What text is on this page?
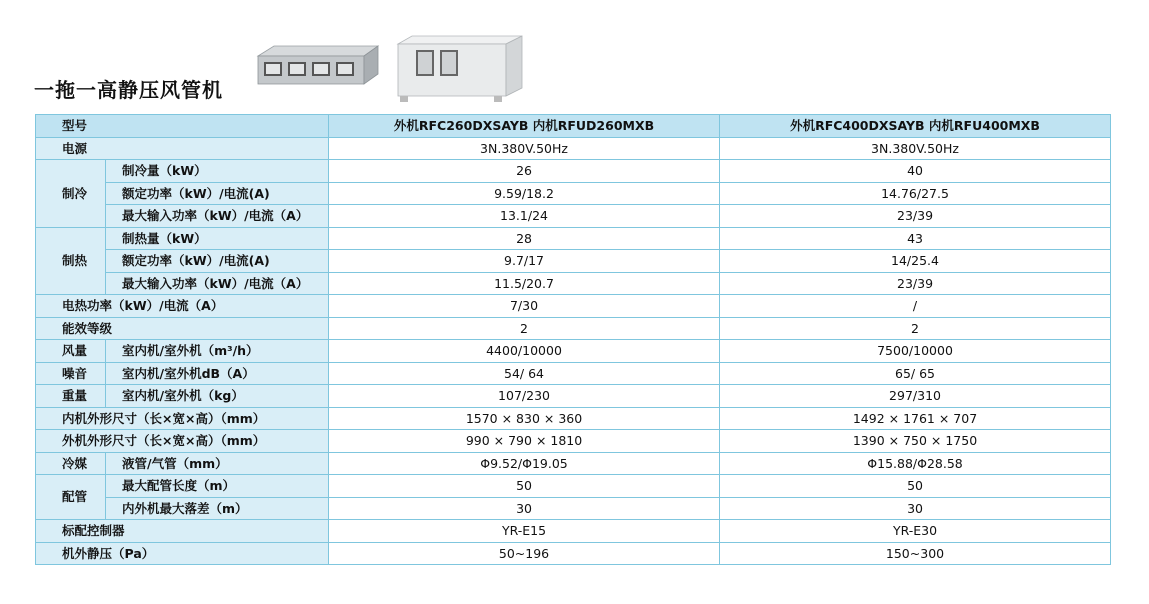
一拖一高静压风管机
型号		外机RFC260DXSAYB 内机RFUD260MXB	外机RFC400DXSAYB 内机RFU400MXB
电源		3N.380V.50Hz	3N.380V.50Hz
制冷	制冷量（kW）	26	40
	额定功率（kW）/电流(A)	9.59/18.2	14.76/27.5
	最大输入功率（kW）/电流（A）	13.1/24	23/39
制热	制热量（kW）	28	43
	额定功率（kW）/电流(A)	9.7/17	14/25.4
	最大输入功率（kW）/电流（A）	11.5/20.7	23/39
电热功率（kW）/电流（A）		7/30	/
能效等级		2	2
风量	室内机/室外机（m³/h）	4400/10000	7500/10000
噪音	室内机/室外机dB（A）	54/ 64	65/ 65
重量	室内机/室外机（kg）	107/230	297/310
内机外形尺寸（长×宽×高）（mm）		1570 × 830 × 360	1492 × 1761 × 707
外机外形尺寸（长×宽×高）（mm）		990 × 790 × 1810	1390 × 750 × 1750
冷媒	液管/气管（mm）	Φ9.52/Φ19.05	Φ15.88/Φ28.58
配管	最大配管长度（m）	50	50
	内外机最大落差（m）	30	30
标配控制器		YR-E15	YR-E30
机外静压（Pa）		50~196	150~300
